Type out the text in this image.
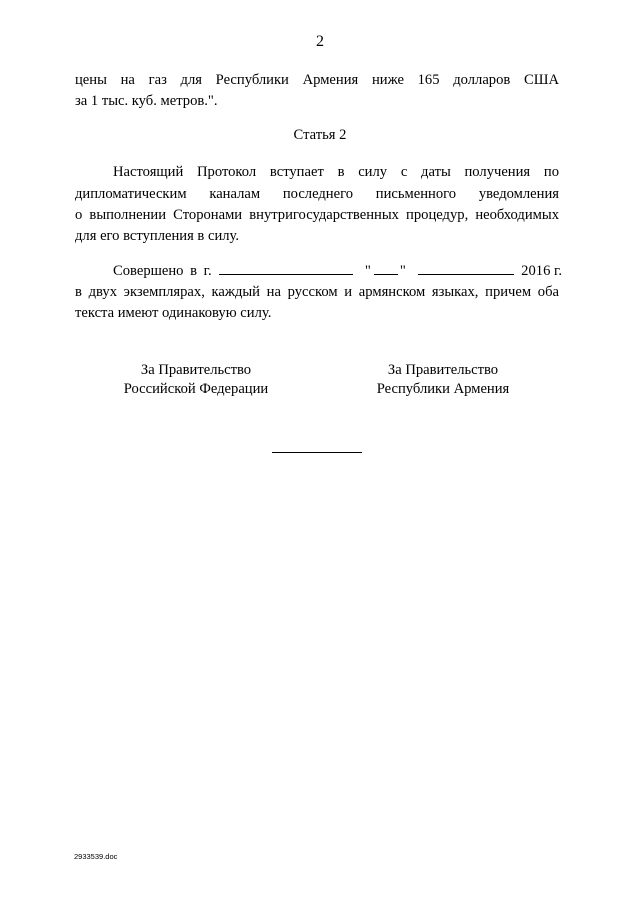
2
цены на газ для Республики Армения ниже 165 долларов США
за 1 тыс. куб. метров.".
Статья 2
Настоящий Протокол вступает в силу с даты получения по
дипломатическим каналам последнего письменного уведомления
о выполнении Сторонами внутригосударственных процедур, необходимых
для его вступления в силу.
Совершено в г.	" "	2016 г.
в двух экземплярах, каждый на русском и армянском языках, причем оба
текста имеют одинаковую силу.
За Правительство
Российской Федерации
За Правительство
Республики Армения
2933539.doc
